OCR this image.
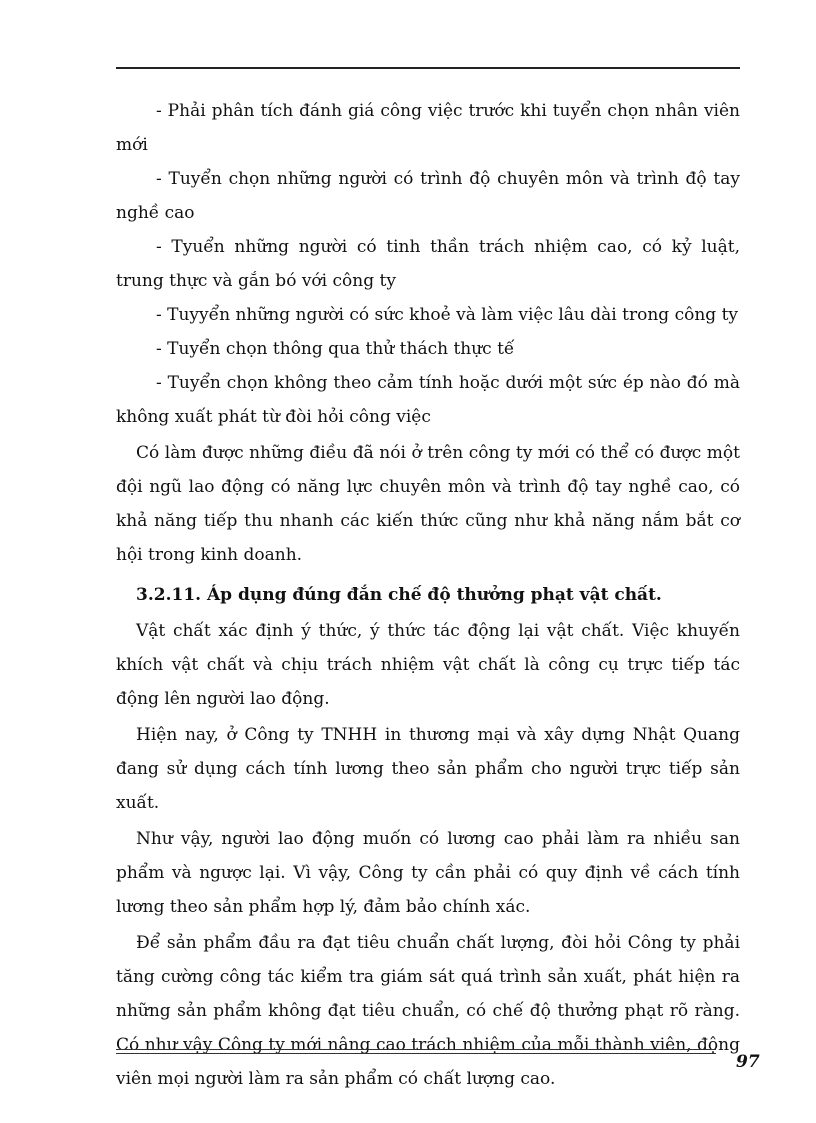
- Phải phân tích đánh giá công việc trước khi tuyển chọn nhân viên mới

- Tuyển chọn những người có trình độ chuyên môn và trình độ tay nghề cao

- Tyuển những người có tinh thần trách nhiệm cao, có kỷ luật, trung thực và gắn bó với công ty

- Tuyyển những người có sức khoẻ và làm việc lâu dài trong công ty

- Tuyển chọn thông qua thử thách thực tế

- Tuyển chọn không theo cảm tính hoặc dưới một sức ép nào đó mà không xuất phát từ đòi hỏi công việc

Có làm được những điều đã nói ở trên công ty mới có thể có được một đội ngũ lao động có năng lực chuyên môn và trình độ tay nghề cao, có khả năng tiếp thu nhanh các kiến thức cũng như khả năng nắm bắt cơ hội trong kinh doanh.

3.2.11. Áp dụng đúng đắn chế độ thưởng phạt vật chất.

Vật chất xác định ý thức, ý thức tác động lại vật chất. Việc khuyến khích vật chất và chịu trách nhiệm vật chất là công cụ trực tiếp tác động lên người lao động.

Hiện nay, ở Công ty TNHH in thương mại và xây dựng Nhật Quang đang sử dụng cách tính lương theo sản phẩm cho người trực tiếp sản xuất.

Như vậy, người lao động muốn có lương cao phải làm ra nhiều san phẩm và ngược lại. Vì vậy, Công ty cần phải có quy định về cách tính lương theo sản phẩm hợp lý, đảm bảo chính xác.

Để sản phẩm đầu ra đạt tiêu chuẩn chất lượng, đòi hỏi Công ty phải tăng cường công tác kiểm tra giám sát quá trình sản xuất, phát hiện ra những sản phẩm không đạt tiêu chuẩn, có chế độ thưởng phạt rõ ràng. Có như vậy Công ty mới nâng cao trách nhiệm của mỗi thành viên, động viên mọi người làm ra sản phẩm có chất lượng cao.

97
